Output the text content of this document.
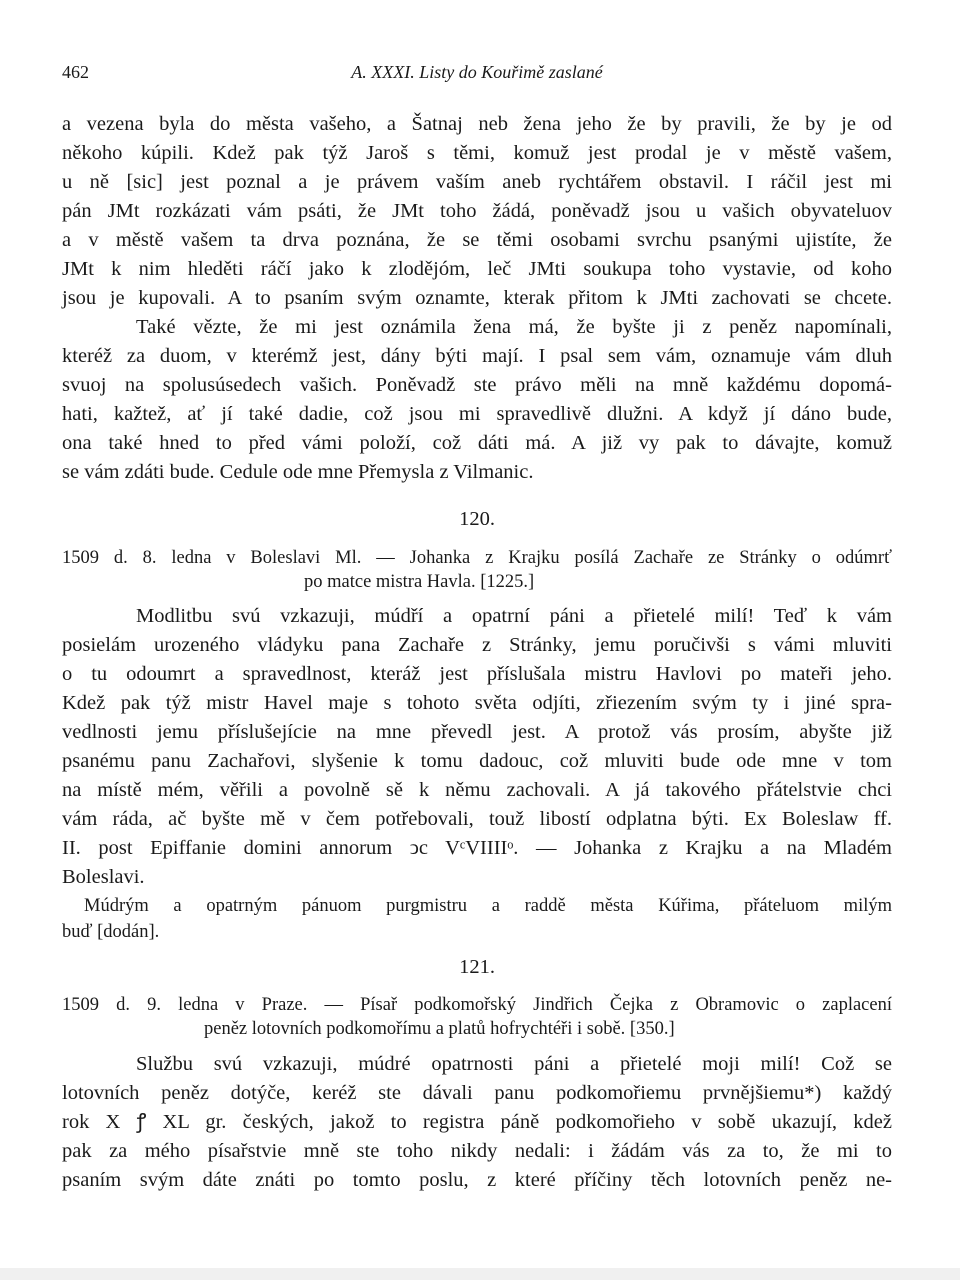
462	A. XXXI. Listy do Kouřimě zaslané
a vezena byla do města vašeho, a Šatnaj neb žena jeho že by pravili, že by je od
někoho kúpili. Kdež pak týž Jaroš s těmi, komuž jest prodal je v městě vašem,
u ně [sic] jest poznal a je právem vaším aneb rychtářem obstavil. I ráčil jest mi
pán JMt rozkázati vám psáti, že JMt toho žádá, poněvadž jsou u vašich obyvateluov
a v městě vašem ta drva poznána, že se těmi osobami svrchu psanými ujistíte, že
JMt k nim hleděti ráčí jako k zlodějóm, leč JMti soukupa toho vystavie, od koho
jsou je kupovali. A to psaním svým oznamte, kterak přitom k JMti zachovati se chcete.
Také vězte, že mi jest oznámila žena má, že byšte ji z peněz napomínali,
kteréž za duom, v kterémž jest, dány býti mají. I psal sem vám, oznamuje vám dluh
svuoj na spolusúsedech vašich. Poněvadž ste právo měli na mně každému dopomá-
hati, kažtež, ať jí také dadie, což jsou mi spravedlivě dlužni. A když jí dáno bude,
ona také hned to před vámi položí, což dáti má. A již vy pak to dávajte, komuž
se vám zdáti bude. Cedule ode mne Přemysla z Vilmanic.
120.
1509 d. 8. ledna v Boleslavi Ml. — Johanka z Krajku posílá Zachaře ze Stránky o odúmrť
po matce mistra Havla. [1225.]
Modlitbu svú vzkazuji, múdří a opatrní páni a přietelé milí! Teď k vám
posielám urozeného vládyku pana Zachaře z Stránky, jemu poručivši s vámi mluviti
o tu odoumrt a spravedlnost, kteráž jest příslušala mistru Havlovi po mateři jeho.
Kdež pak týž mistr Havel maje s tohoto světa odjíti, zřiezením svým ty i jiné spra-
vedlnosti jemu příslušejície na mne převedl jest. A protož vás prosím, abyšte již
psanému panu Zachařovi, slyšenie k tomu dadouc, což mluviti bude ode mne v tom
na místě mém, věřili a povolně sě k němu zachovali. A já takového přátelstvie chci
vám ráda, ač byšte mě v čem potřebovali, touž libostí odplatna býti. Ex Boleslaw ff.
II. post Epiffanie domini annorum ↄc VᶜVIIIIᵒ. — Johanka z Krajku a na Mladém
Boleslavi.
Múdrým a opatrným pánuom purgmistru a raddě města Kúřima, přáteluom milým
buď [dodán].
121.
1509 d. 9. ledna v Praze. — Písař podkomořský Jindřich Čejka z Obramovic o zaplacení
peněz lotovních podkomořímu a platů hofrychtéři i sobě. [350.]
Službu svú vzkazuji, múdré opatrnosti páni a přietelé moji milí! Což se
lotovních peněz dotýče, keréž ste dávali panu podkomořiemu prvnějšiemu*) každý
rok X ꝭ XL gr. českých, jakož to registra páně podkomořieho v sobě ukazují, kdež
pak za mého písařstvie mně ste toho nikdy nedali: i žádám vás za to, že mi to
psaním svým dáte znáti po tomto poslu, z které příčiny těch lotovních peněz ne-
